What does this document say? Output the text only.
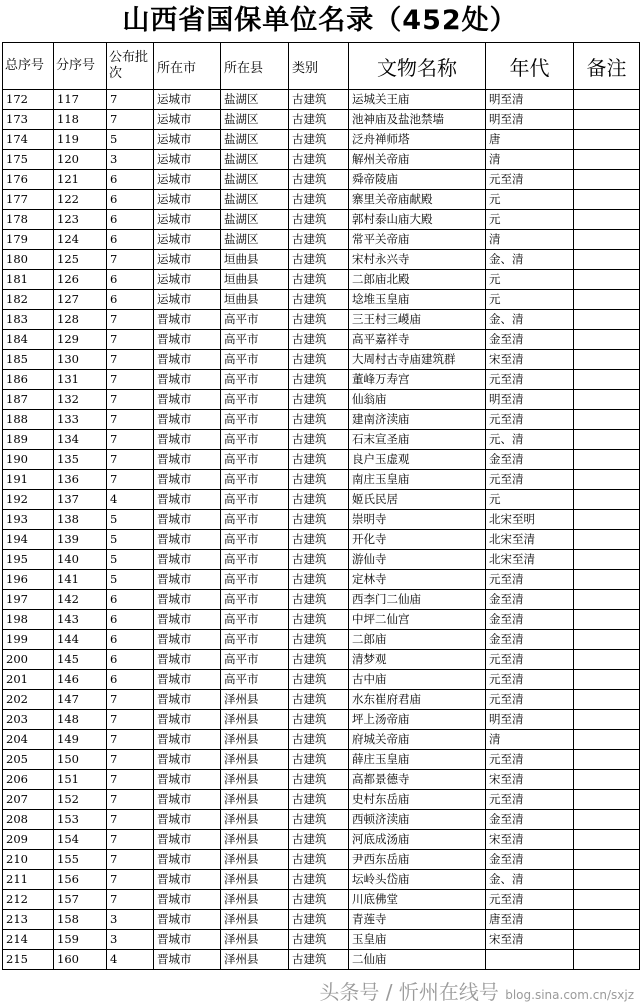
山西省国保单位名录（452处）
总序号	分序号	公布批次	所在市	所在县	类别	文物名称	年代	备注
172	117	7	运城市	盐湖区	古建筑	运城关王庙	明至清	
173	118	7	运城市	盐湖区	古建筑	池神庙及盐池禁墙	明至清	
174	119	5	运城市	盐湖区	古建筑	泛舟禅师塔	唐	
175	120	3	运城市	盐湖区	古建筑	解州关帝庙	清	
176	121	6	运城市	盐湖区	古建筑	舜帝陵庙	元至清	
177	122	6	运城市	盐湖区	古建筑	寨里关帝庙献殿	元	
178	123	6	运城市	盐湖区	古建筑	郭村泰山庙大殿	元	
179	124	6	运城市	盐湖区	古建筑	常平关帝庙	清	
180	125	7	运城市	垣曲县	古建筑	宋村永兴寺	金、清	
181	126	6	运城市	垣曲县	古建筑	二郎庙北殿	元	
182	127	6	运城市	垣曲县	古建筑	埝堆玉皇庙	元	
183	128	7	晋城市	高平市	古建筑	三王村三嵕庙	金、清	
184	129	7	晋城市	高平市	古建筑	高平嘉祥寺	金至清	
185	130	7	晋城市	高平市	古建筑	大周村古寺庙建筑群	宋至清	
186	131	7	晋城市	高平市	古建筑	董峰万寿宫	元至清	
187	132	7	晋城市	高平市	古建筑	仙翁庙	明至清	
188	133	7	晋城市	高平市	古建筑	建南济渎庙	元至清	
189	134	7	晋城市	高平市	古建筑	石末宣圣庙	元、清	
190	135	7	晋城市	高平市	古建筑	良户玉虚观	金至清	
191	136	7	晋城市	高平市	古建筑	南庄玉皇庙	元至清	
192	137	4	晋城市	高平市	古建筑	姬氏民居	元	
193	138	5	晋城市	高平市	古建筑	崇明寺	北宋至明	
194	139	5	晋城市	高平市	古建筑	开化寺	北宋至清	
195	140	5	晋城市	高平市	古建筑	游仙寺	北宋至清	
196	141	5	晋城市	高平市	古建筑	定林寺	元至清	
197	142	6	晋城市	高平市	古建筑	西李门二仙庙	金至清	
198	143	6	晋城市	高平市	古建筑	中坪二仙宫	金至清	
199	144	6	晋城市	高平市	古建筑	二郎庙	金至清	
200	145	6	晋城市	高平市	古建筑	清梦观	元至清	
201	146	6	晋城市	高平市	古建筑	古中庙	元至清	
202	147	7	晋城市	泽州县	古建筑	水东崔府君庙	元至清	
203	148	7	晋城市	泽州县	古建筑	坪上汤帝庙	明至清	
204	149	7	晋城市	泽州县	古建筑	府城关帝庙	清	
205	150	7	晋城市	泽州县	古建筑	薛庄玉皇庙	元至清	
206	151	7	晋城市	泽州县	古建筑	高都景德寺	宋至清	
207	152	7	晋城市	泽州县	古建筑	史村东岳庙	元至清	
208	153	7	晋城市	泽州县	古建筑	西顿济渎庙	金至清	
209	154	7	晋城市	泽州县	古建筑	河底成汤庙	宋至清	
210	155	7	晋城市	泽州县	古建筑	尹西东岳庙	金至清	
211	156	7	晋城市	泽州县	古建筑	坛岭头岱庙	金、清	
212	157	7	晋城市	泽州县	古建筑	川底佛堂	元至清	
213	158	3	晋城市	泽州县	古建筑	青莲寺	唐至清	
214	159	3	晋城市	泽州县	古建筑	玉皇庙	宋至清	
215	160	4	晋城市	泽州县	古建筑	二仙庙		
头条号 / 忻州在线号 blog.sina.com.cn/sxjz
